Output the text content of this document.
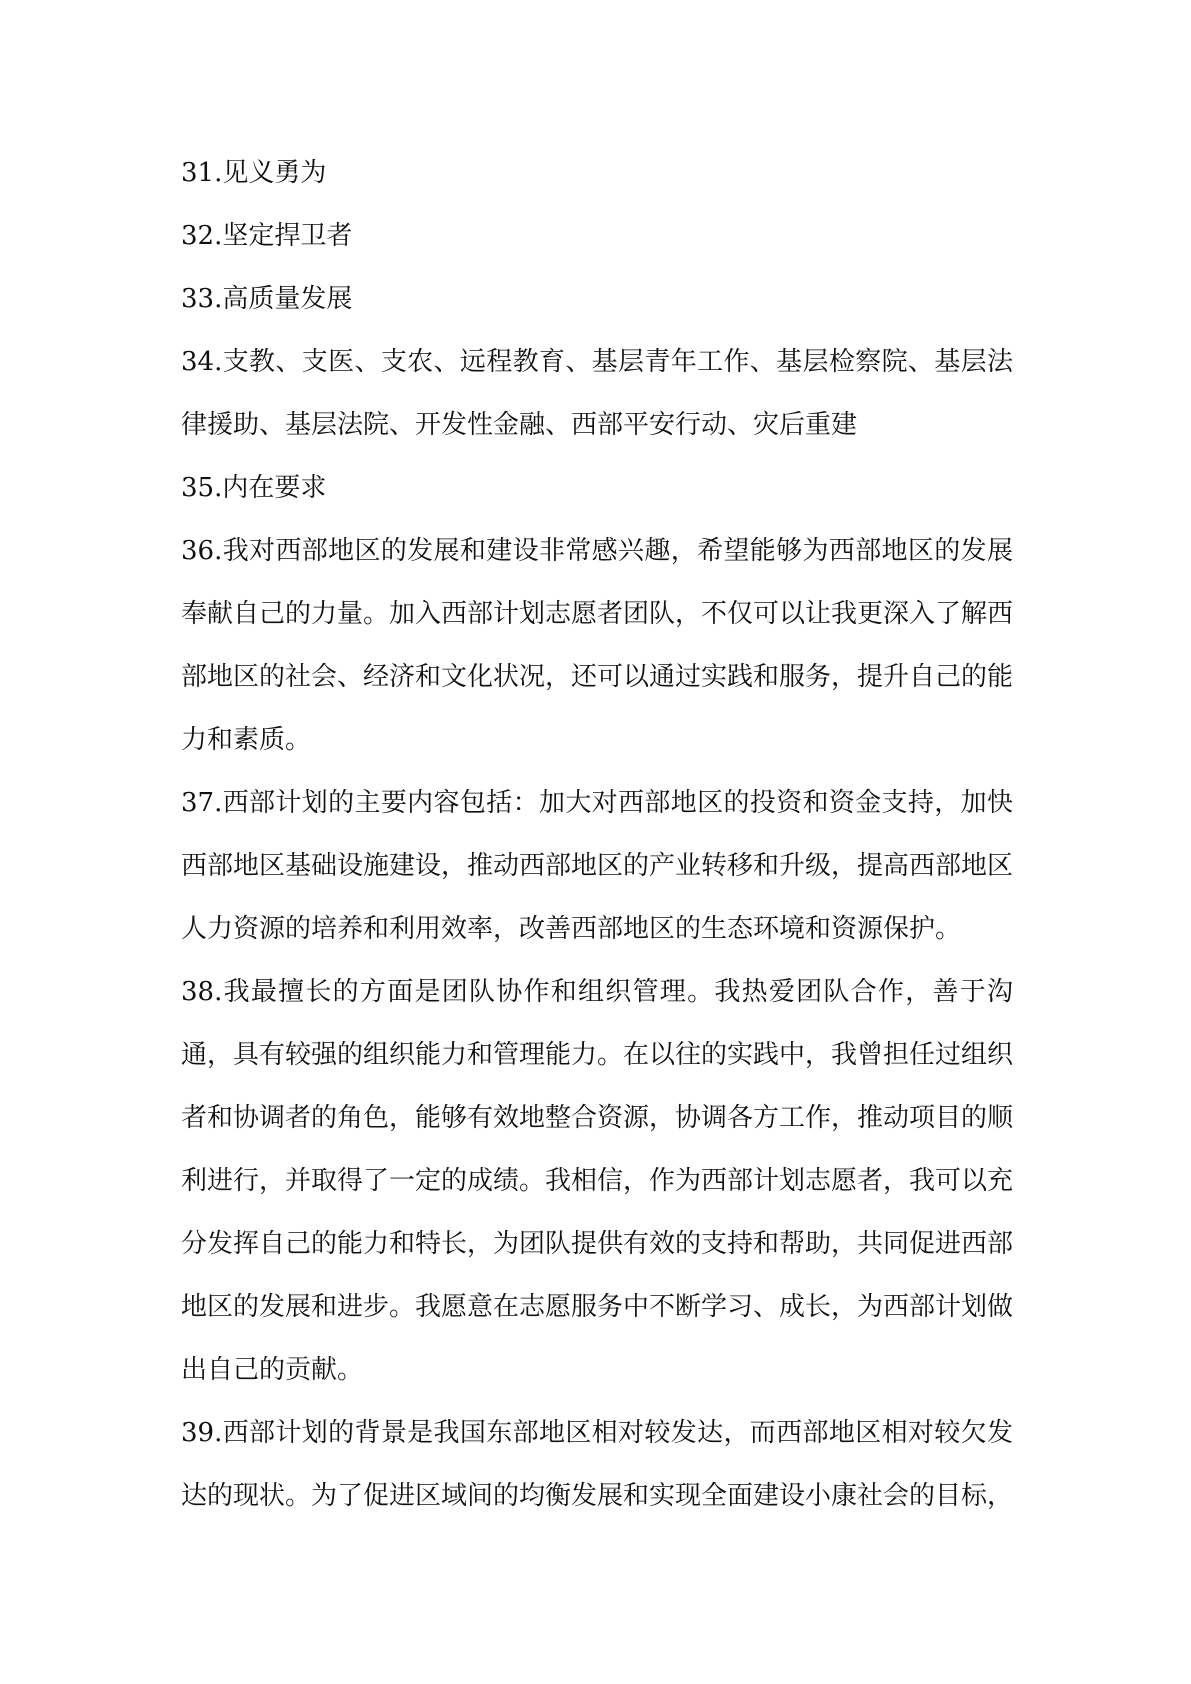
31.见义勇为

32.坚定捍卫者

33.高质量发展

34.支教、支医、支农、远程教育、基层青年工作、基层检察院、基层法律援助、基层法院、开发性金融、西部平安行动、灾后重建

35.内在要求

36.我对西部地区的发展和建设非常感兴趣，希望能够为西部地区的发展奉献自己的力量。加入西部计划志愿者团队，不仅可以让我更深入了解西部地区的社会、经济和文化状况，还可以通过实践和服务，提升自己的能力和素质。

37.西部计划的主要内容包括：加大对西部地区的投资和资金支持，加快西部地区基础设施建设，推动西部地区的产业转移和升级，提高西部地区人力资源的培养和利用效率，改善西部地区的生态环境和资源保护。

38.我最擅长的方面是团队协作和组织管理。我热爱团队合作，善于沟通，具有较强的组织能力和管理能力。在以往的实践中，我曾担任过组织者和协调者的角色，能够有效地整合资源，协调各方工作，推动项目的顺利进行，并取得了一定的成绩。我相信，作为西部计划志愿者，我可以充分发挥自己的能力和特长，为团队提供有效的支持和帮助，共同促进西部地区的发展和进步。我愿意在志愿服务中不断学习、成长，为西部计划做出自己的贡献。

39.西部计划的背景是我国东部地区相对较发达，而西部地区相对较欠发达的现状。为了促进区域间的均衡发展和实现全面建设小康社会的目标，
